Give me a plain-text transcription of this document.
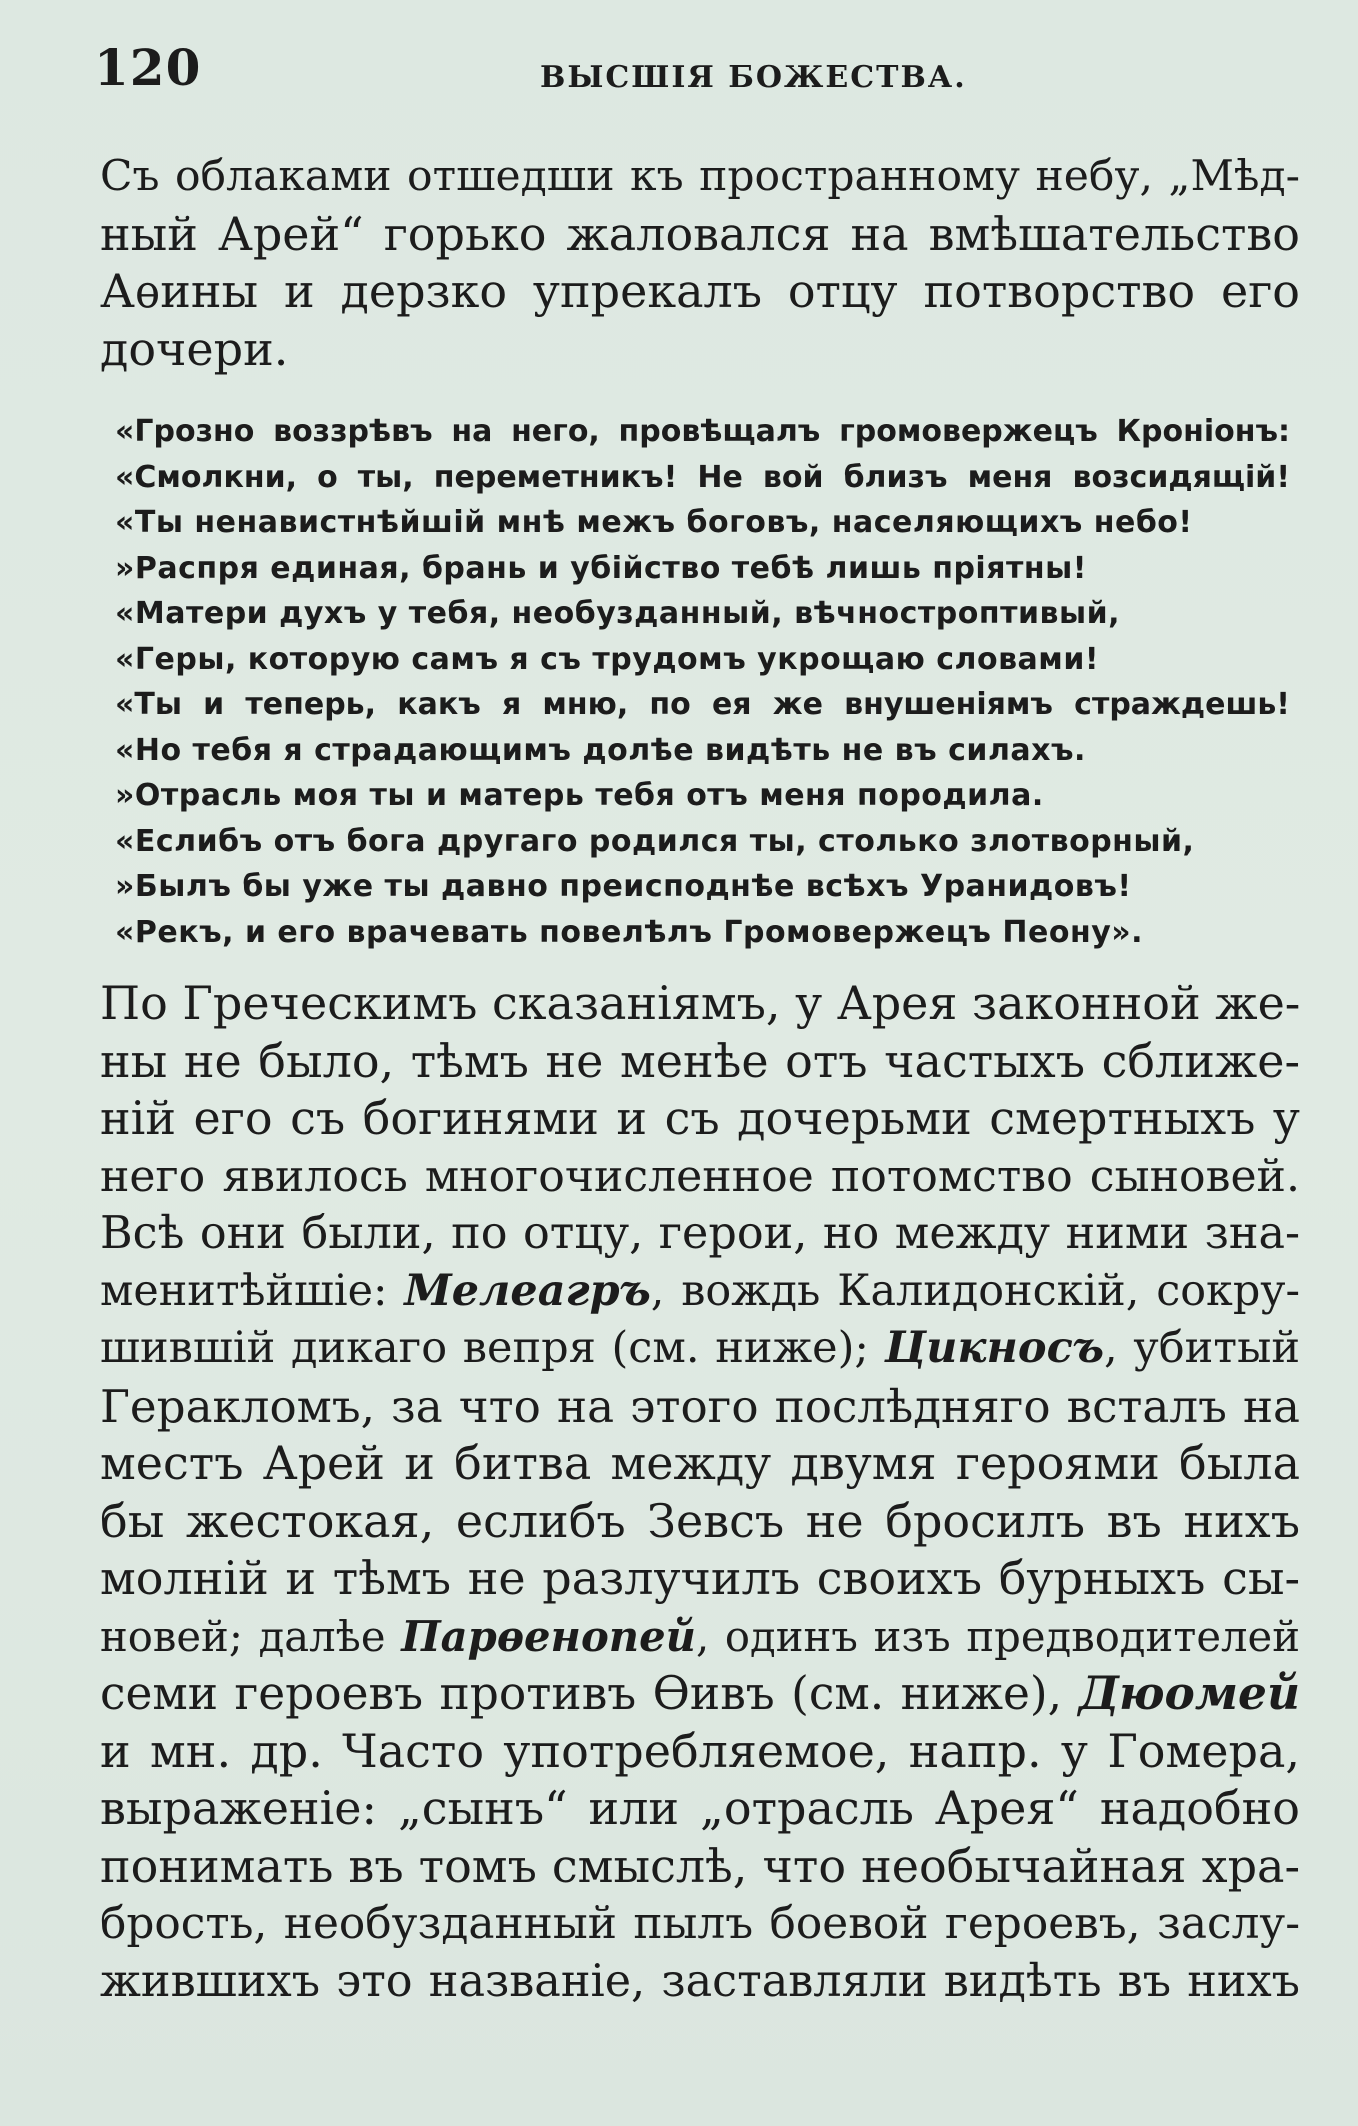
120	ВЫСШІЯ БОЖЕСТВА.
Съ облаками отшедши къ пространному небу, „Мѣд-
ный Арей“ горько жаловался на вмѣшательство
Аѳины и дерзко упрекалъ отцу потворство его
дочери.
«Грозно воззрѣвъ на него, провѣщалъ громовержецъ Кроніонъ:
«Смолкни, о ты, переметникъ! Не вой близъ меня возсидящій!
«Ты ненавистнѣйшій мнѣ межъ боговъ, населяющихъ небо!
»Распря единая, брань и убійство тебѣ лишь пріятны!
«Матери духъ у тебя, необузданный, вѣчнострoптивый,
«Геры, которую самъ я съ трудомъ укрощаю словами!
«Ты и теперь, какъ я мню, по ея же внушеніямъ страждешь!
«Но тебя я страдающимъ долѣе видѣть не въ силахъ.
»Отрасль моя ты и матерь тебя отъ меня породила.
«Еслибъ отъ бога другаго родился ты, столько злотворный,
»Былъ бы уже ты давно преисподнѣе всѣхъ Уранидовъ!
«Рекъ, и его врачевать повелѣлъ Громовержецъ Пеону».
По Греческимъ сказаніямъ, у Арея законной же-
ны не было, тѣмъ не менѣе отъ частыхъ сближе-
ній его съ богинями и съ дочерьми смертныхъ у
него явилось многочисленное потомство сыновей.
Всѣ они были, по отцу, герои, но между ними зна-
менитѣйшіе: Мелеагръ, вождь Калидонскій, сокру-
шившій дикаго вепря (см. ниже); Цикносъ, убитый
Геракломъ, за что на этого послѣдняго всталъ на
местъ Арей и битва между двумя героями была
бы жестокая, еслибъ Зевсъ не бросилъ въ нихъ
молній и тѣмъ не разлучилъ своихъ бурныхъ сы-
новей; далѣе Парѳенопей, одинъ изъ предводителей
семи героевъ противъ Ѳивъ (см. ниже), Дюомей
и мн. др. Часто употребляемое, напр. у Гомера,
выраженіе: „сынъ“ или „отрасль Арея“ надобно
понимать въ томъ смыслѣ, что необычайная хра-
брость, необузданный пылъ боевой героевъ, заслу-
жившихъ это названіе, заставляли видѣть въ нихъ
